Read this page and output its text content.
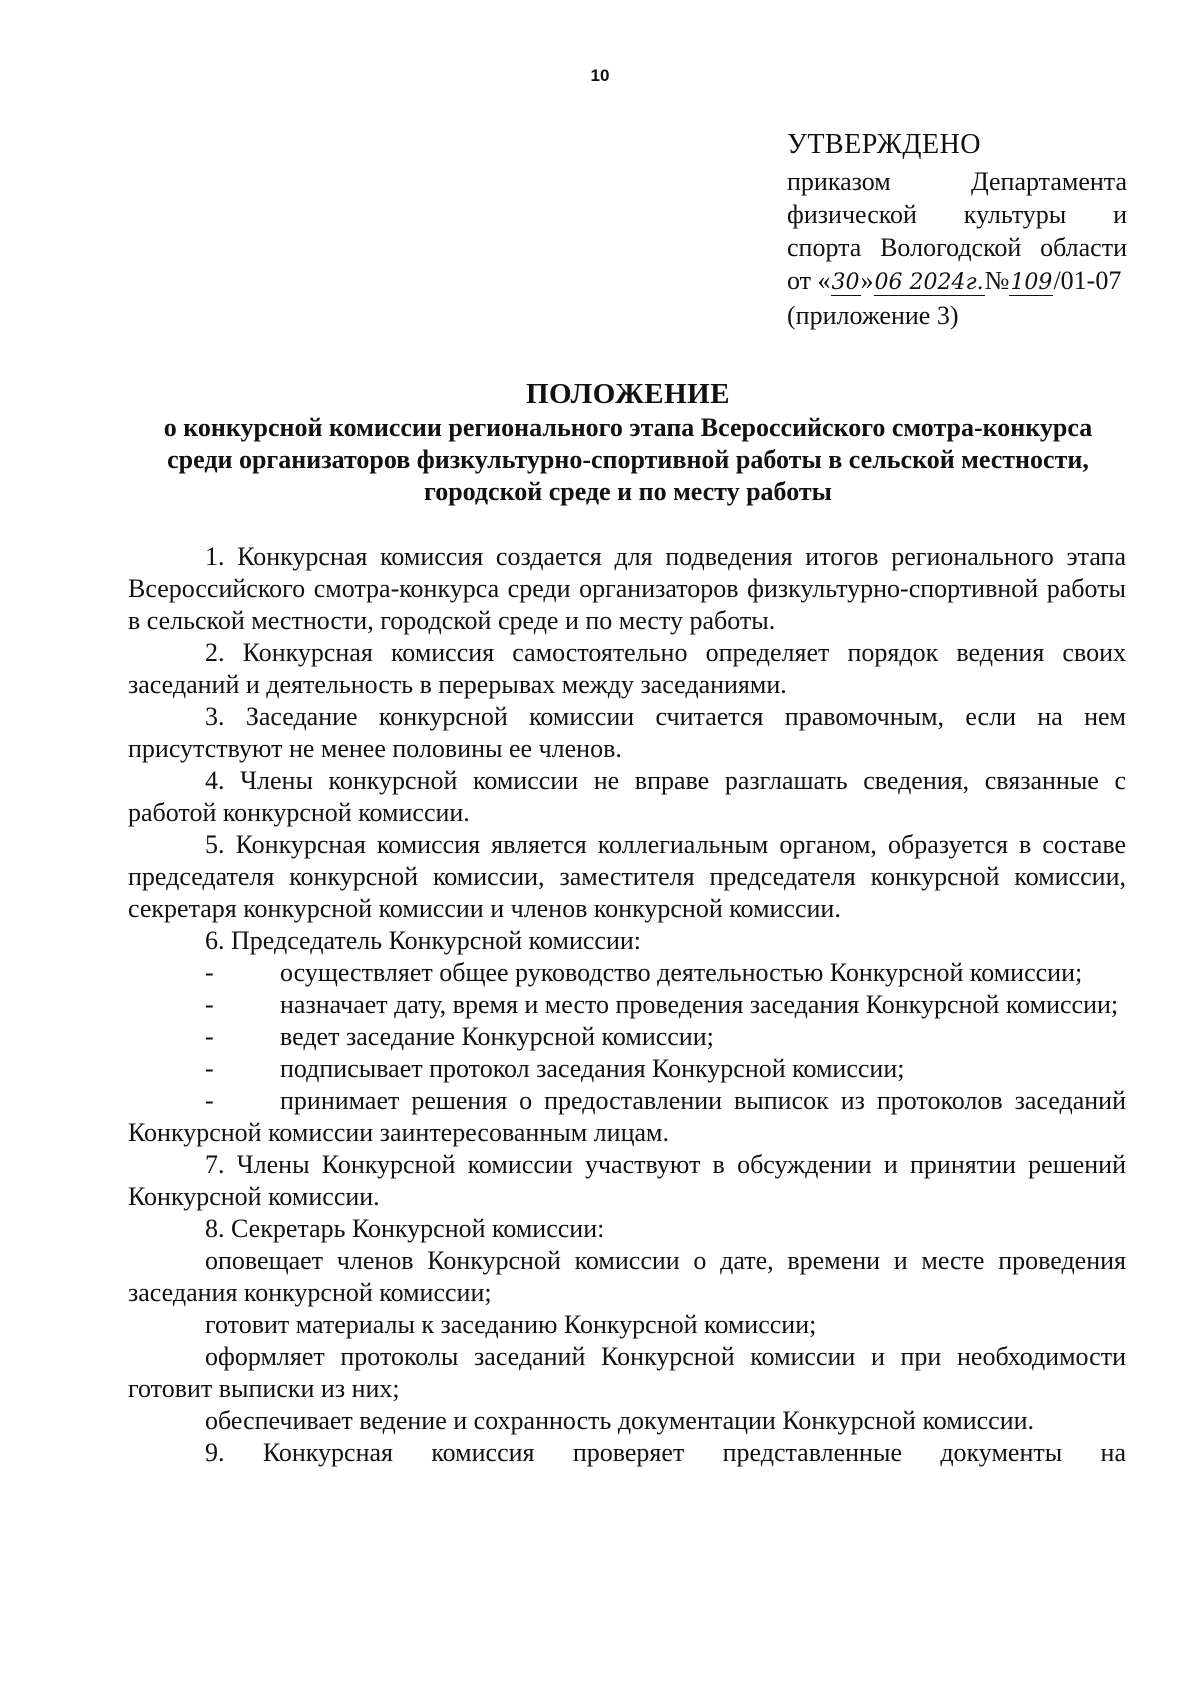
10
УТВЕРЖДЕНО
приказом Департамента
физической культуры и
спорта Вологодской области
от «30»06 2024г.№109/01-07
(приложение 3)
ПОЛОЖЕНИЕ
о конкурсной комиссии регионального этапа Всероссийского смотра-конкурса среди организаторов физкультурно-спортивной работы в сельской местности, городской среде и по месту работы

1. Конкурсная комиссия создается для подведения итогов регионального этапа Всероссийского смотра-конкурса среди организаторов физкультурно-спортивной работы в сельской местности, городской среде и по месту работы.

2. Конкурсная комиссия самостоятельно определяет порядок ведения своих заседаний и деятельность в перерывах между заседаниями.

3. Заседание конкурсной комиссии считается правомочным, если на нем присутствуют не менее половины ее членов.

4. Члены конкурсной комиссии не вправе разглашать сведения, связанные с работой конкурсной комиссии.

5. Конкурсная комиссия является коллегиальным органом, образуется в составе председателя конкурсной комиссии, заместителя председателя конкурсной комиссии, секретаря конкурсной комиссии и членов конкурсной комиссии.

6. Председатель Конкурсной комиссии:

-	осуществляет общее руководство деятельностью Конкурсной комиссии;

-	назначает дату, время и место проведения заседания Конкурсной комиссии;

-	ведет заседание Конкурсной комиссии;

-	подписывает протокол заседания Конкурсной комиссии;

-	принимает решения о предоставлении выписок из протоколов заседаний Конкурсной комиссии заинтересованным лицам.

7. Члены Конкурсной комиссии участвуют в обсуждении и принятии решений Конкурсной комиссии.

8. Секретарь Конкурсной комиссии:

оповещает членов Конкурсной комиссии о дате, времени и месте проведения заседания конкурсной комиссии;

готовит материалы к заседанию Конкурсной комиссии;

оформляет протоколы заседаний Конкурсной комиссии и при необходимости готовит выписки из них;

обеспечивает ведение и сохранность документации Конкурсной комиссии.

9. Конкурсная комиссия проверяет представленные документы на
